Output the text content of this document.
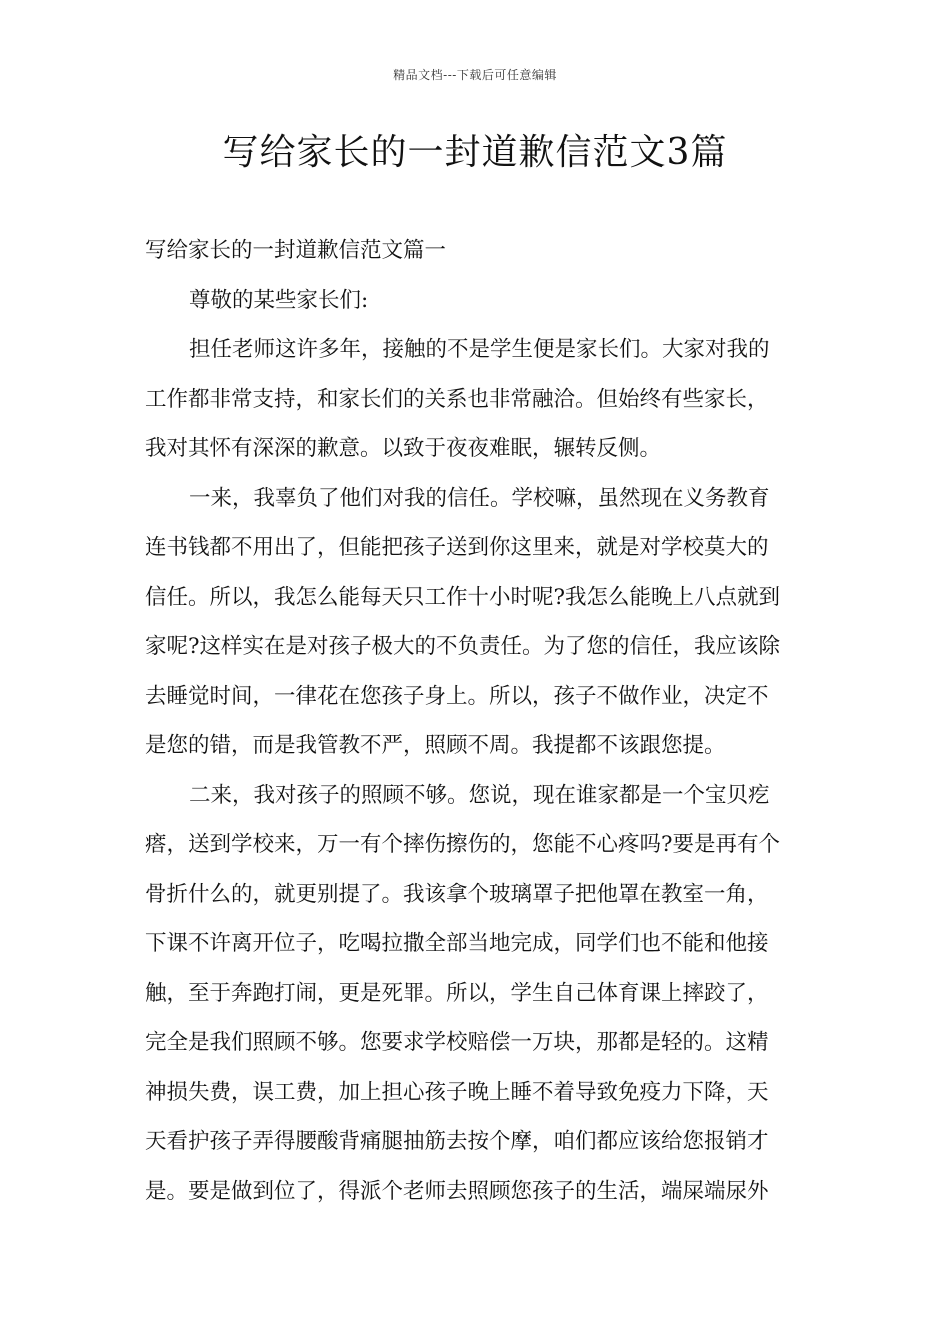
精品文档---下载后可任意编辑
写给家长的一封道歉信范文3篇
写给家长的一封道歉信范文篇一
尊敬的某些家长们:
担任老师这许多年，接触的不是学生便是家长们。大家对我的
工作都非常支持，和家长们的关系也非常融洽。但始终有些家长，
我对其怀有深深的歉意。以致于夜夜难眠，辗转反侧。
一来，我辜负了他们对我的信任。学校嘛，虽然现在义务教育
连书钱都不用出了，但能把孩子送到你这里来，就是对学校莫大的
信任。所以，我怎么能每天只工作十小时呢?我怎么能晚上八点就到
家呢?这样实在是对孩子极大的不负责任。为了您的信任，我应该除
去睡觉时间，一律花在您孩子身上。所以，孩子不做作业，决定不
是您的错，而是我管教不严，照顾不周。我提都不该跟您提。
二来，我对孩子的照顾不够。您说，现在谁家都是一个宝贝疙
瘩，送到学校来，万一有个摔伤擦伤的，您能不心疼吗?要是再有个
骨折什么的，就更别提了。我该拿个玻璃罩子把他罩在教室一角，
下课不许离开位子，吃喝拉撒全部当地完成，同学们也不能和他接
触，至于奔跑打闹，更是死罪。所以，学生自己体育课上摔跤了，
完全是我们照顾不够。您要求学校赔偿一万块，那都是轻的。这精
神损失费，误工费，加上担心孩子晚上睡不着导致免疫力下降，天
天看护孩子弄得腰酸背痛腿抽筋去按个摩，咱们都应该给您报销才
是。要是做到位了，得派个老师去照顾您孩子的生活，端屎端尿外
